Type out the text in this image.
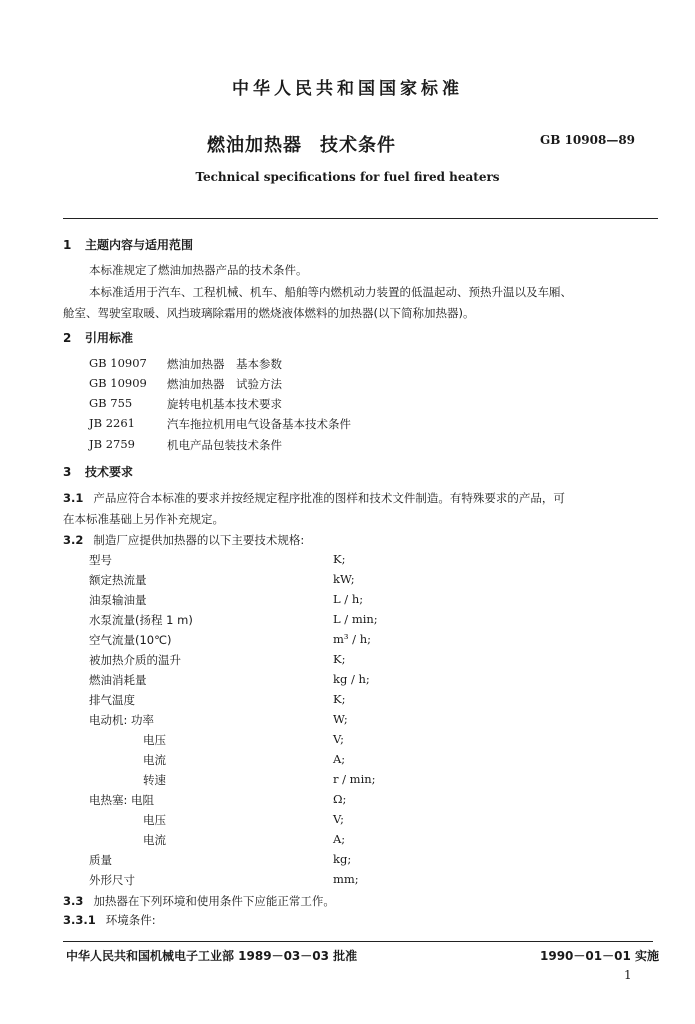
中华人民共和国国家标准
燃油加热器 技术条件	GB 10908—89
Technical specifications for fuel fired heaters
1 主题内容与适用范围
本标准规定了燃油加热器产品的技术条件。
本标准适用于汽车、工程机械、机车、船舶等内燃机动力装置的低温起动、预热升温以及车厢、
舱室、驾驶室取暖、风挡玻璃除霜用的燃烧液体燃料的加热器(以下简称加热器)。
2 引用标准
GB 10907 燃油加热器　基本参数
GB 10909 燃油加热器　试验方法
GB 755	旋转电机基本技术要求
JB 2261	汽车拖拉机用电气设备基本技术条件
JB 2759	机电产品包装技术条件
3 技术要求
3.1 产品应符合本标准的要求并按经规定程序批准的图样和技术文件制造。有特殊要求的产品，可
在本标准基础上另作补充规定。
3.2 制造厂应提供加热器的以下主要技术规格:
型号	K;
额定热流量	kW;
油泵输油量	L / h;
水泵流量(扬程 1 m)	L / min;
空气流量(10℃)	m³ / h;
被加热介质的温升	K;
燃油消耗量	kg / h;
排气温度	K;
电动机: 功率	W;
电压	V;
电流	A;
转速	r / min;
电热塞: 电阻	Ω;
电压	V;
电流	A;
质量	kg;
外形尺寸	mm;
3.3 加热器在下列环境和使用条件下应能正常工作。
3.3.1 环境条件:
中华人民共和国机械电子工业部 1989－03－03 批准	1990－01－01 实施
1
